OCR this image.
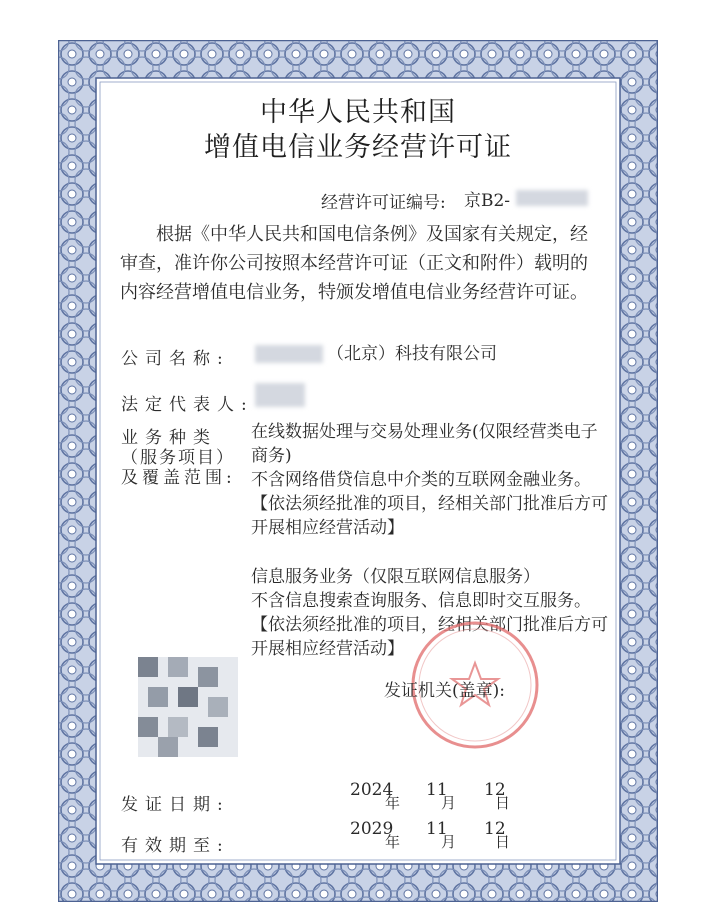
中华人民共和国
增值电信业务经营许可证
经营许可证编号: 京B2-
根据《中华人民共和国电信条例》及国家有关规定，经审查，准许你公司按照本经营许可证（正文和附件）载明的内容经营增值电信业务，特颁发增值电信业务经营许可证。
公司名称:	（北京）科技有限公司
法定代表人:
业务种类
（服务项目）
及覆盖范围:

在线数据处理与交易处理业务(仅限经营类电子商务)
不含网络借贷信息中介类的互联网金融业务。【依法须经批准的项目，经相关部门批准后方可开展相应经营活动】

信息服务业务（仅限互联网信息服务）
不含信息搜索查询服务、信息即时交互服务。【依法须经批准的项目，经相关部门批准后方可开展相应经营活动】

发证机关(盖章):
发证日期:
2024
年
11
月
12
日
有效期至:
2029
年
11
月
12
日
